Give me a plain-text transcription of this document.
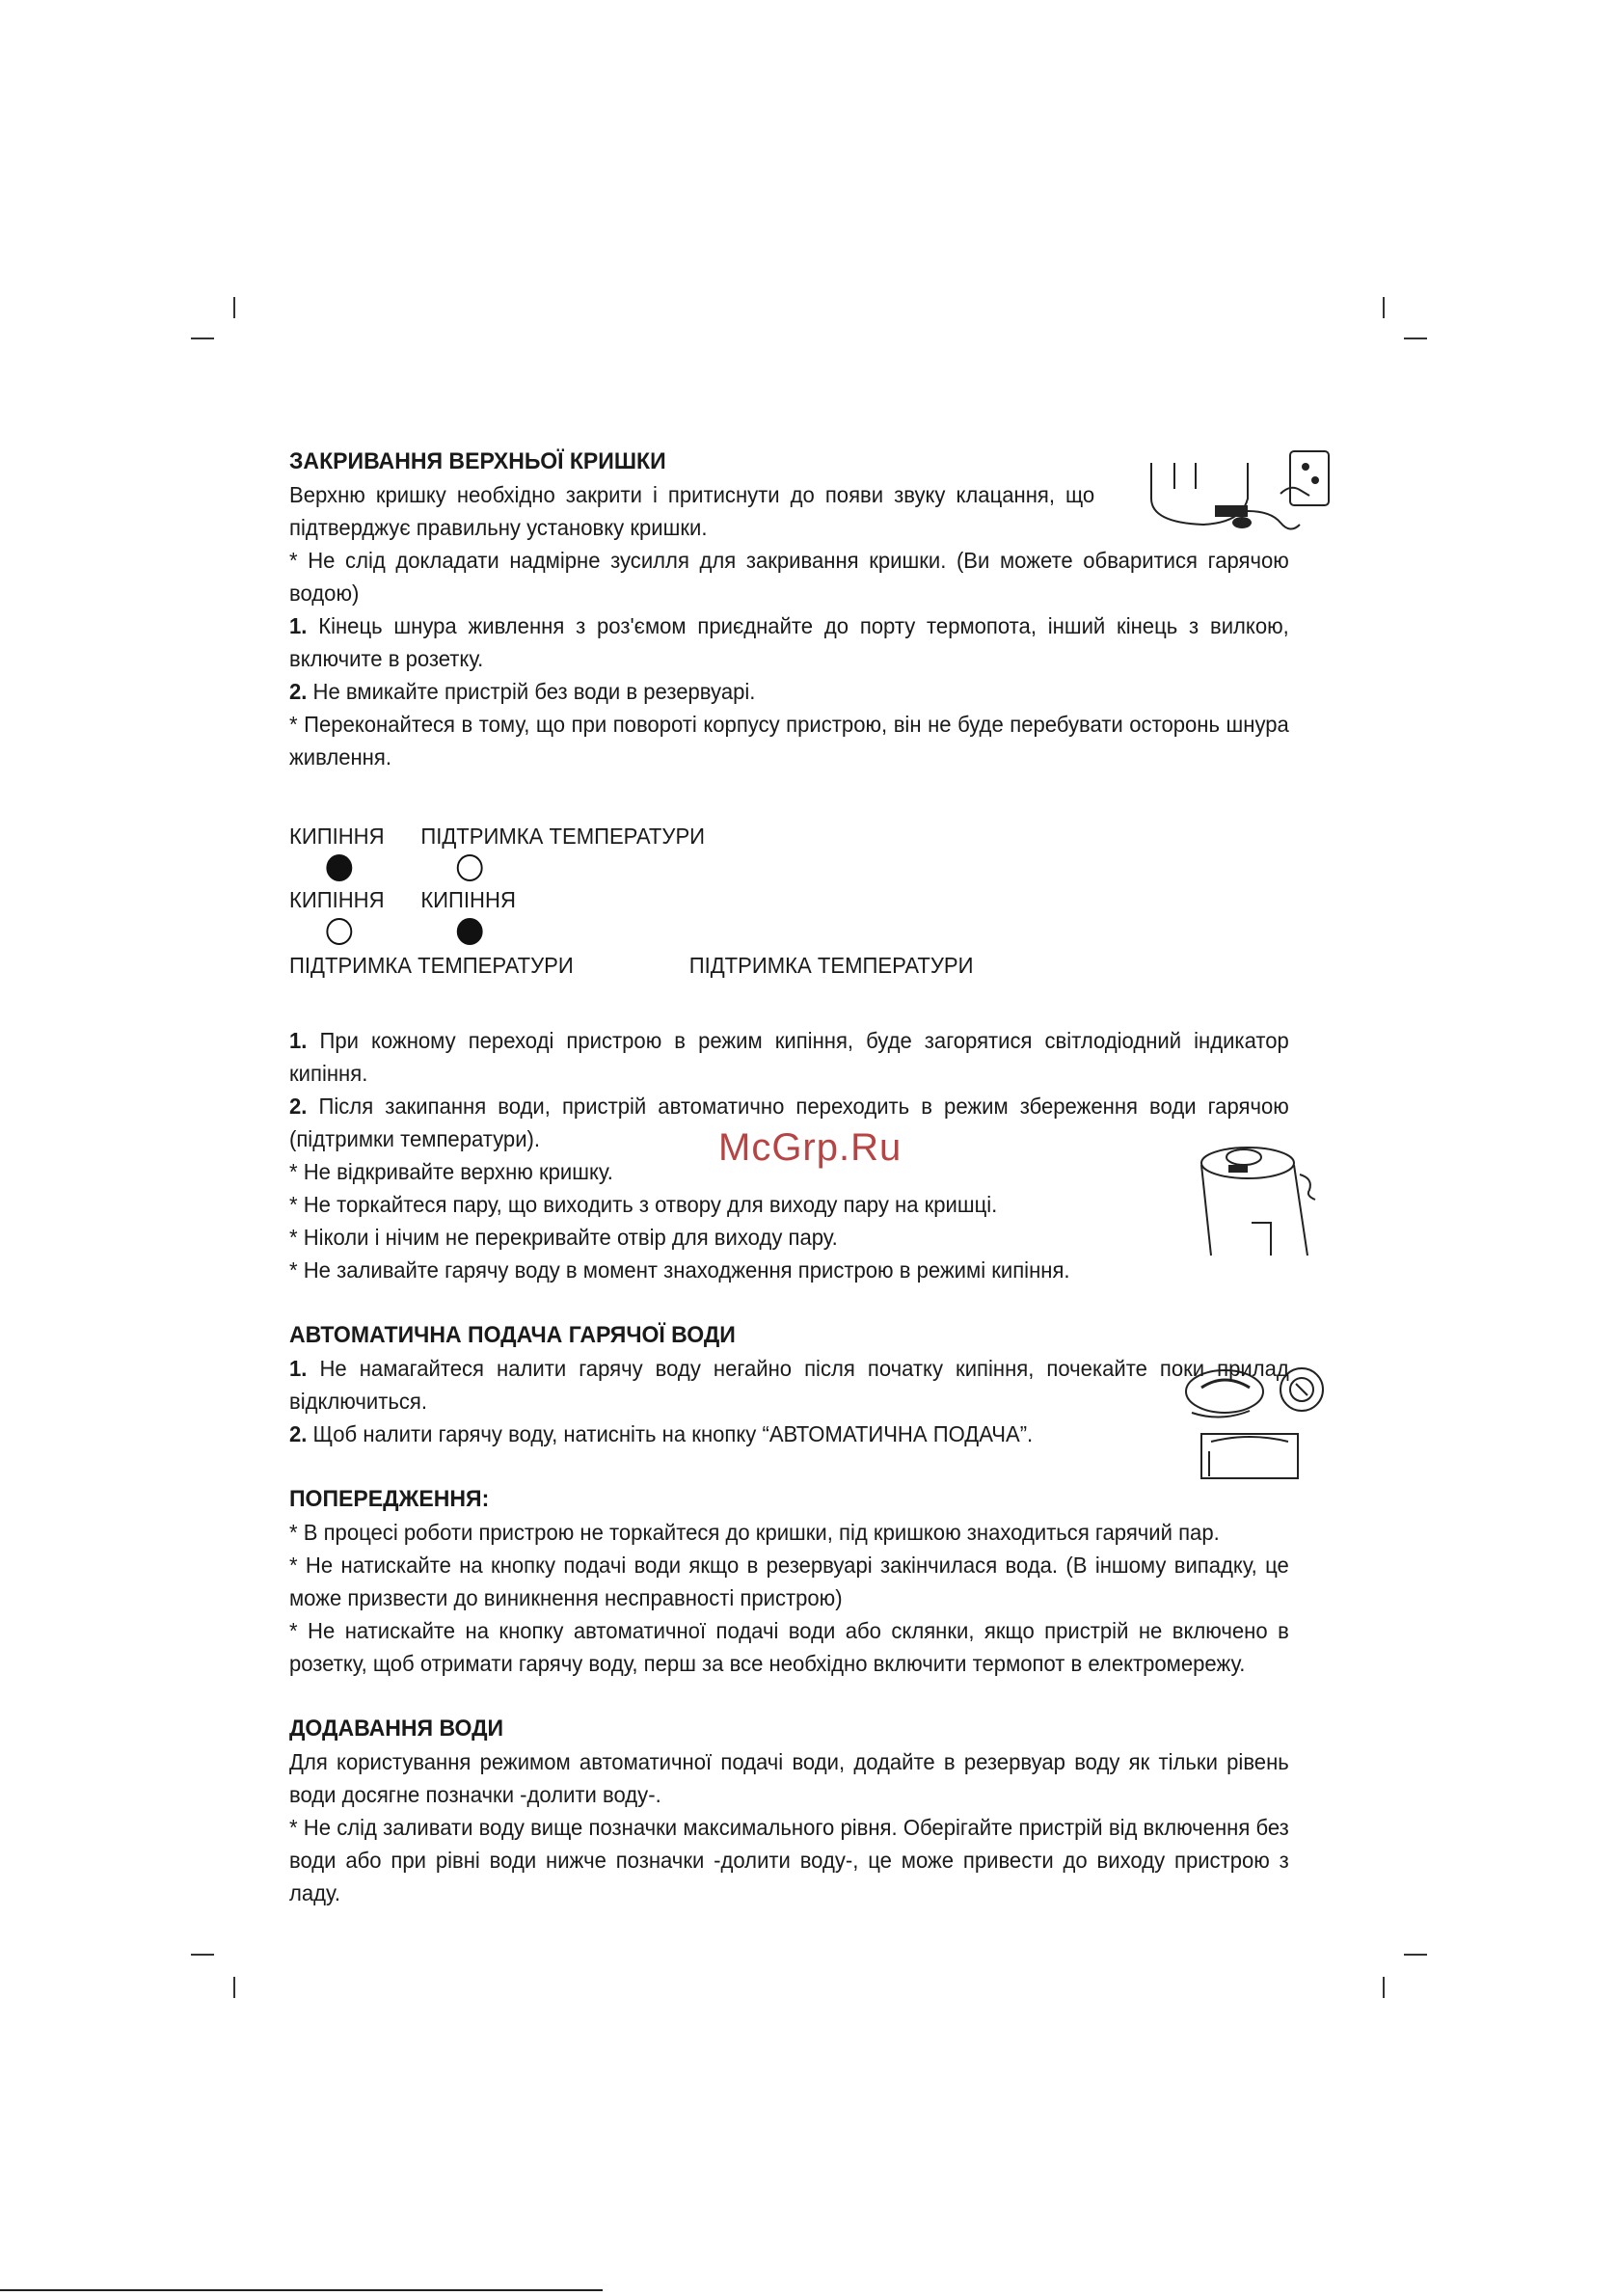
McGrp.Ru

ЗАКРИВАННЯ ВЕРХНЬОЇ КРИШКИ

Верхню кришку необхідно закрити і притиснути до появи звуку клацання, що підтверджує правильну установку кришки.

* Не слід докладати надмірне зусилля для закривання кришки. (Ви можете обваритися гарячою водою)

1. Кінець шнура живлення з роз'ємом приєднайте до порту термопота, інший кінець з вилкою, включите в розетку.

2. Не вмикайте пристрій без води в резервуарі.

* Переконайтеся в тому, що при повороті корпусу пристрою, він не буде перебувати осторонь шнура живлення.

КИПІННЯ ПІДТРИМКА ТЕМПЕРАТУРИ
КИПІННЯ КИПІННЯ
ПІДТРИМКА ТЕМПЕРАТУРИ	ПІДТРИМКА ТЕМПЕРАТУРИ

1. При кожному переході пристрою в режим кипіння, буде загорятися світлодіодний індикатор кипіння.

2. Після закипання води, пристрій автоматично переходить в режим збереження води гарячою (підтримки температури).

* Не відкривайте верхню кришку.

* Не торкайтеся пару, що виходить з отвору для виходу пару на кришці.

* Ніколи і нічим не перекривайте отвір для виходу пару.

* Не заливайте гарячу воду в момент знаходження пристрою в режимі кипіння.

АВТОМАТИЧНА ПОДАЧА ГАРЯЧОЇ ВОДИ

1. Не намагайтеся налити гарячу воду негайно після початку кипіння, почекайте поки прилад відключиться.

2. Щоб налити гарячу воду, натисніть на кнопку “АВТОМАТИЧНА ПОДАЧА”.

ПОПЕРЕДЖЕННЯ:

* В процесі роботи пристрою не торкайтеся до кришки, під кришкою знаходиться гарячий пар.

* Не натискайте на кнопку подачі води якщо в резервуарі закінчилася вода. (В іншому випадку, це може призвести до виникнення несправності пристрою)

* Не натискайте на кнопку автоматичної подачі води або склянки, якщо пристрій не включено в розетку, щоб отримати гарячу воду, перш за все необхідно включити термопот в електромережу.

ДОДАВАННЯ ВОДИ

Для користування режимом автоматичної подачі води, додайте в резервуар воду як тільки рівень води досягне позначки -долити воду-.

* Не слід заливати воду вище позначки максимального рівня. Оберігайте пристрій від включення без води або при рівні води нижче позначки -долити воду-, це може привести до виходу пристрою з ладу.
